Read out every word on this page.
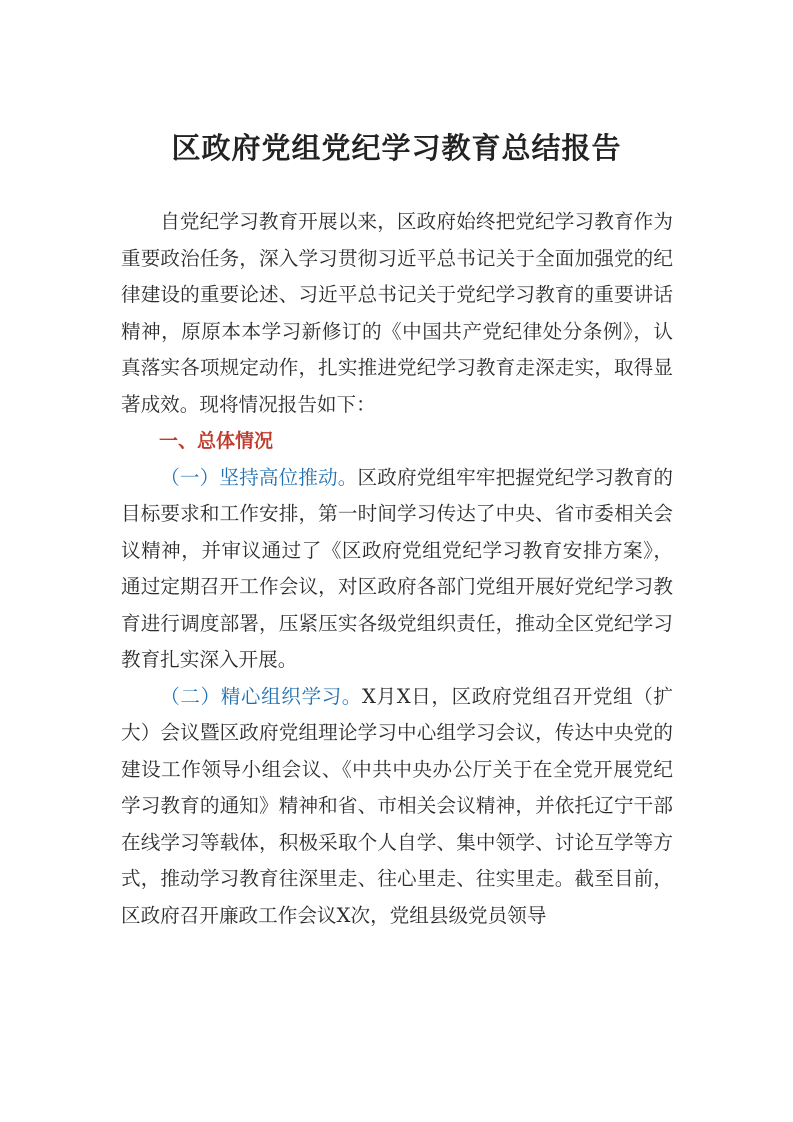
区政府党组党纪学习教育总结报告

自党纪学习教育开展以来，区政府始终把党纪学习教育作为重要政治任务，深入学习贯彻习近平总书记关于全面加强党的纪律建设的重要论述、习近平总书记关于党纪学习教育的重要讲话精神，原原本本学习新修订的《中国共产党纪律处分条例》，认真落实各项规定动作，扎实推进党纪学习教育走深走实，取得显著成效。现将情况报告如下：

一、总体情况

（一）坚持高位推动。区政府党组牢牢把握党纪学习教育的目标要求和工作安排，第一时间学习传达了中央、省市委相关会议精神，并审议通过了《区政府党组党纪学习教育安排方案》，通过定期召开工作会议，对区政府各部门党组开展好党纪学习教育进行调度部署，压紧压实各级党组织责任，推动全区党纪学习教育扎实深入开展。

（二）精心组织学习。X月X日，区政府党组召开党组（扩大）会议暨区政府党组理论学习中心组学习会议，传达中央党的建设工作领导小组会议、《中共中央办公厅关于在全党开展党纪学习教育的通知》精神和省、市相关会议精神，并依托辽宁干部在线学习等载体，积极采取个人自学、集中领学、讨论互学等方式，推动学习教育往深里走、往心里走、往实里走。截至目前，区政府召开廉政工作会议X次，党组县级党员领导
